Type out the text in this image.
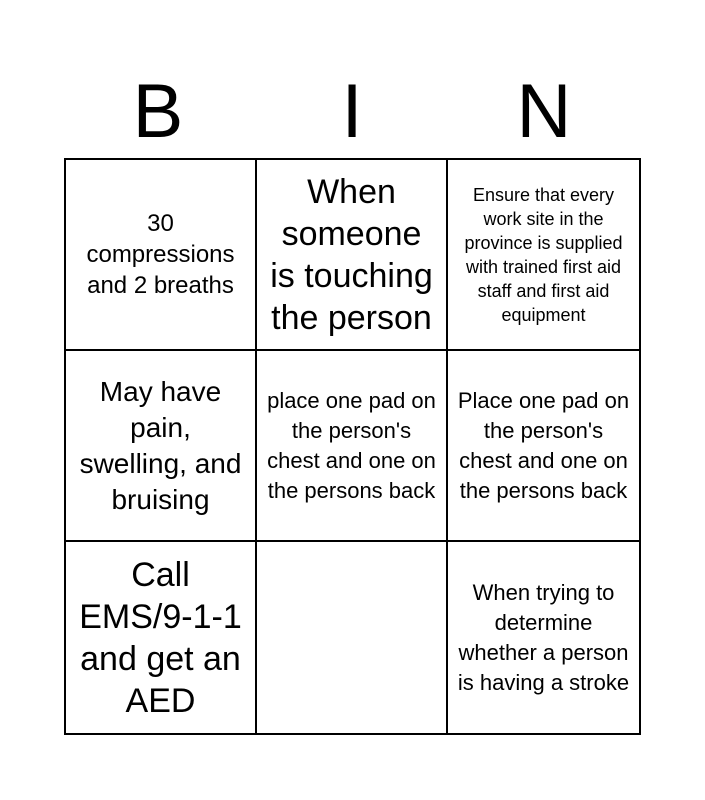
B	I	N
30 compressions and 2 breaths
When someone is touching the person
Ensure that every work site in the province is supplied with trained first aid staff and first aid equipment
May have pain, swelling, and bruising
place one pad on the person's chest and one on the persons back
Place one pad on the person's chest and one on the persons back
Call EMS/9-1-1 and get an AED
When trying to determine whether a person is having a stroke
